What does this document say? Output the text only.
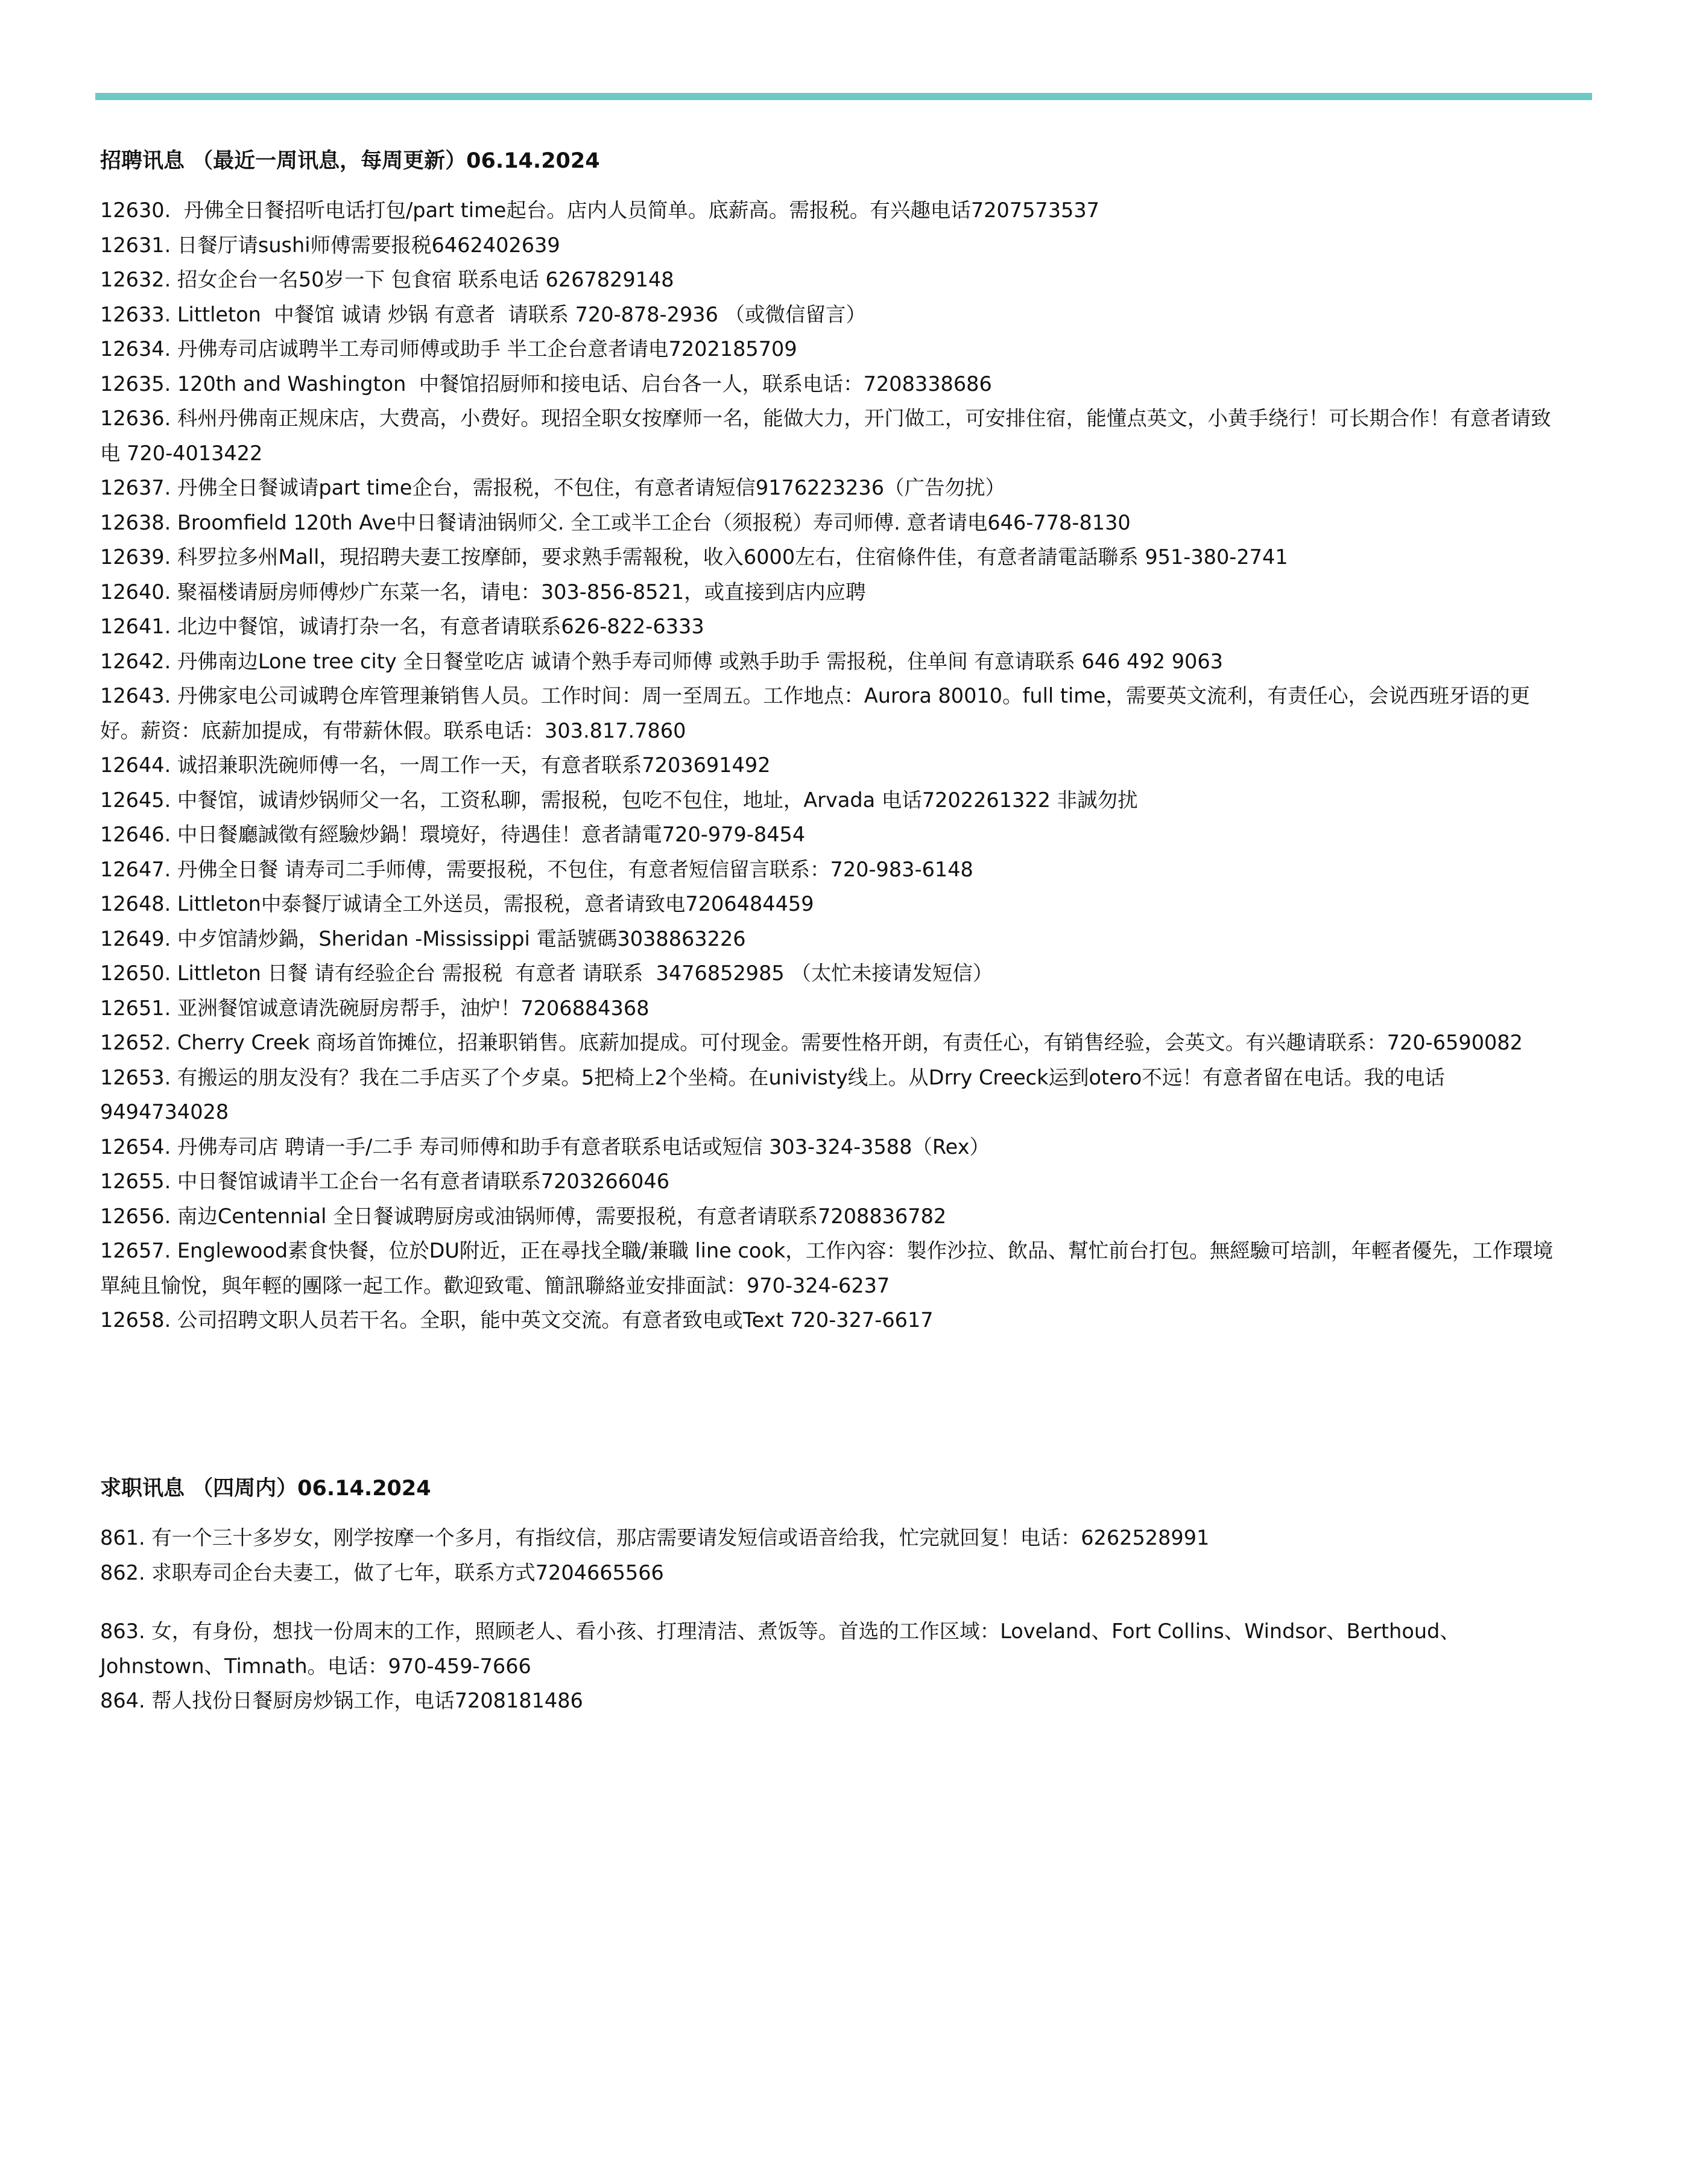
招聘讯息 （最近一周讯息，每周更新）06.14.2024
12630.  丹佛全日餐招听电话打包/part time起台。店内人员简单。底薪高。需报税。有兴趣电话7207573537
12631. 日餐厅请sushi师傅需要报税6462402639
12632. 招女企台一名50岁一下 包食宿 联系电话 6267829148
12633. Littleton  中餐馆 诚请 炒锅 有意者  请联系 720-878-2936 （或微信留言）
12634. 丹佛寿司店诚聘半工寿司师傅或助手 半工企台意者请电7202185709
12635. 120th and Washington  中餐馆招厨师和接电话、启台各一人，联系电话：7208338686
12636. 科州丹佛南正规床店，大费高，小费好。现招全职女按摩师一名，能做大力，开门做工，可安排住宿，能懂点英文，小黄手绕行！可长期合作！有意者请致电 720-4013422
12637. 丹佛全日餐诚请part time企台，需报税，不包住，有意者请短信9176223236（广告勿扰）
12638. Broomfield 120th Ave中日餐请油锅师父. 全工或半工企台（须报税）寿司师傅. 意者请电646-778-8130
12639. 科罗拉多州Mall，現招聘夫妻工按摩師，要求熟手需報稅，收入6000左右，住宿條件佳，有意者請電話聯系 951-380-2741
12640. 聚福楼请厨房师傅炒广东菜一名，请电：303-856-8521，或直接到店内应聘
12641. 北边中餐馆，诚请打杂一名，有意者请联系626-822-6333
12642. 丹佛南边Lone tree city 全日餐堂吃店 诚请个熟手寿司师傅 或熟手助手 需报税，住单间 有意请联系 646 492 9063
12643. 丹佛家电公司诚聘仓库管理兼销售人员。工作时间：周一至周五。工作地点：Aurora 80010。full time，需要英文流利，有责任心，会说西班牙语的更好。薪资：底薪加提成，有带薪休假。联系电话：303.817.7860
12644. 诚招兼职洗碗师傅一名，一周工作一天，有意者联系7203691492
12645. 中餐馆，诚请炒锅师父一名，工资私聊，需报税，包吃不包住，地址，Arvada 电话7202261322 非誠勿扰
12646. 中日餐廳誠徵有經驗炒鍋！環境好，待遇佳！意者請電720-979-8454
12647. 丹佛全日餐 请寿司二手师傅，需要报税，不包住，有意者短信留言联系：720-983-6148
12648. Littleton中泰餐厅诚请全工外送员，需报税，意者请致电7206484459
12649. 中歺馆請炒鍋，Sheridan -Mississippi 電話號碼3038863226
12650. Littleton 日餐 请有经验企台 需报税  有意者 请联系  3476852985 （太忙未接请发短信）
12651. 亚洲餐馆诚意请洗碗厨房帮手，油炉！7206884368
12652. Cherry Creek 商场首饰摊位，招兼职销售。底薪加提成。可付现金。需要性格开朗，有责任心，有销售经验，会英文。有兴趣请联系：720-6590082
12653. 有搬运的朋友没有？我在二手店买了个歺桌。5把椅上2个坐椅。在univisty线上。从Drry Creeck运到otero不远！有意者留在电话。我的电话9494734028
12654. 丹佛寿司店 聘请一手/二手 寿司师傅和助手有意者联系电话或短信 303-324-3588（Rex）
12655. 中日餐馆诚请半工企台一名有意者请联系7203266046
12656. 南边Centennial 全日餐诚聘厨房或油锅师傅，需要报税，有意者请联系7208836782
12657. Englewood素食快餐，位於DU附近，正在尋找全職/兼職 line cook，工作內容：製作沙拉、飲品、幫忙前台打包。無經驗可培訓，年輕者優先，工作環境單純且愉悅，與年輕的團隊一起工作。歡迎致電、簡訊聯絡並安排面試：970-324-6237
12658. 公司招聘文职人员若干名。全职，能中英文交流。有意者致电或Text 720-327-6617
求职讯息 （四周内）06.14.2024
861. 有一个三十多岁女，刚学按摩一个多月，有指纹信，那店需要请发短信或语音给我，忙完就回复！电话：6262528991
862. 求职寿司企台夫妻工，做了七年，联系方式7204665566
863. 女，有身份，想找一份周末的工作，照顾老人、看小孩、打理清洁、煮饭等。首选的工作区域：Loveland、Fort Collins、Windsor、Berthoud、Johnstown、Timnath。电话：970-459-7666
864. 帮人找份日餐厨房炒锅工作，电话7208181486
